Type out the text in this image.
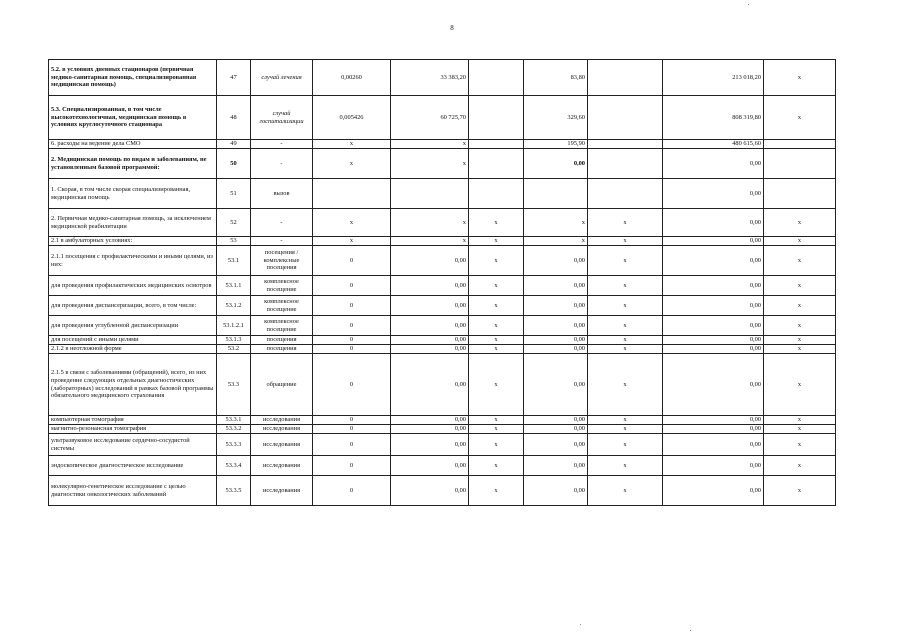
8
5.2. в условиях дневных стационаров (первичная медико-санитарная помощь, специализированная медицинская помощь)	47	случай лечения	0,00260	33 383,20		83,80		213 018,20	х
5.3. Специализированная, в том числе высокотехнологичная, медицинская помощь в условиях круглосуточного стационара	48	случай госпитализации	0,005426	60 725,70		329,60		808 319,80	х
6. расходы на ведение дела СМО	49	-	х	х		195,90		480 615,60	
2. Медицинская помощь по видам и заболеваниям, не установленным базовой программой:	50	-	х	х		0,00		0,00	
1. Скорая, в том числе скорая специализированная, медицинская помощь	51	вызов						0,00	
2. Первичная медико-санитарная помощь, за исключением медицинской реабилитации	52	-	х	х	х	х	х	0,00	х
2.1 в амбулаторных условиях:	53	-	х	х	х	х	х	0,00	х
2.1.1 посещения с профилактическими и иными целями, из них:	53.1	посещения / комплексные посещения	0	0,00	х	0,00	х	0,00	х
для проведения профилактических медицинских осмотров	53.1.1	комплексное посещение	0	0,00	х	0,00	х	0,00	х
для проведения диспансеризации, всего, в том числе:	53.1.2	комплексное посещение	0	0,00	х	0,00	х	0,00	х
для проведения углубленной диспансеризации	53.1.2.1	комплексное посещение	0	0,00	х	0,00	х	0,00	х
для посещений с иными целями	53.1.3	посещения	0	0,00	х	0,00	х	0,00	х
2.1.2 в неотложной форме	53.2	посещения	0	0,00	х	0,00	х	0,00	х
2.1.5 в связи с заболеваниями (обращений), всего, из них проведение следующих отдельных диагностических (лабораторных) исследований в рамках базовой программы обязательного медицинского страхования	53.3	обращение	0	0,00	х	0,00	х	0,00	х
компьютерная томография	53.3.1	исследования	0	0,00	х	0,00	х	0,00	х
магнитно-резонансная томография	53.3.2	исследования	0	0,00	х	0,00	х	0,00	х
ультразвуковое исследование сердечно-сосудистой системы	53.3.3	исследования	0	0,00	х	0,00	х	0,00	х
эндоскопическое диагностическое исследование	53.3.4	исследования	0	0,00	х	0,00	х	0,00	х
молекулярно-генетическое исследование с целью диагностики онкологических заболеваний	53.3.5	исследования	0	0,00	х	0,00	х	0,00	х
